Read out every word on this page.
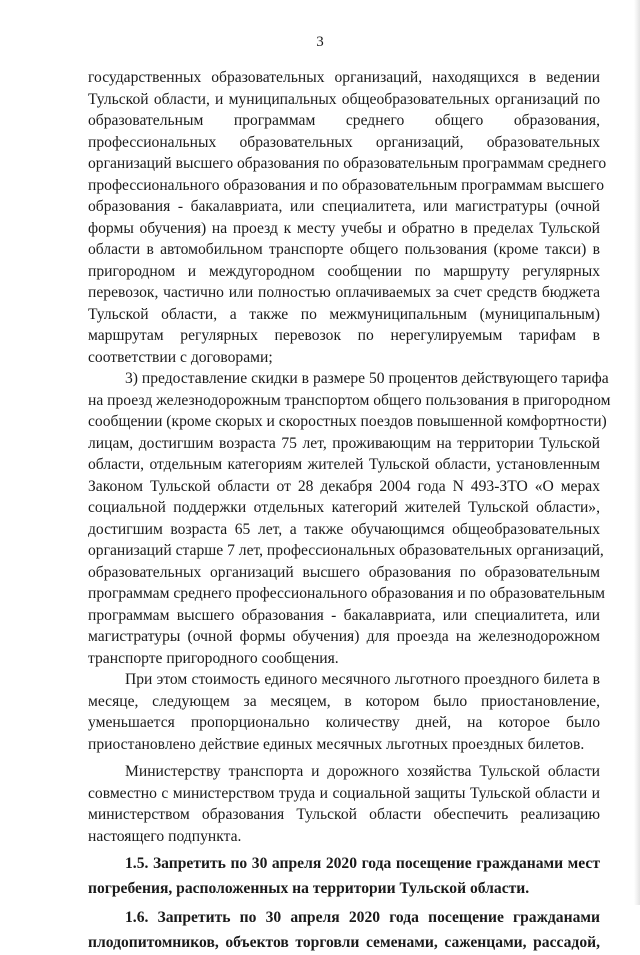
3
государственных образовательных организаций, находящихся в ведении
Тульской области, и муниципальных общеобразовательных организаций по
образовательным программам среднего общего образования,
профессиональных образовательных организаций, образовательных
организаций высшего образования по образовательным программам среднего
профессионального образования и по образовательным программам высшего
образования - бакалавриата, или специалитета, или магистратуры (очной
формы обучения) на проезд к месту учебы и обратно в пределах Тульской
области в автомобильном транспорте общего пользования (кроме такси) в
пригородном и междугородном сообщении по маршруту регулярных
перевозок, частично или полностью оплачиваемых за счет средств бюджета
Тульской области, а также по межмуниципальным (муниципальным)
маршрутам регулярных перевозок по нерегулируемым тарифам в
соответствии с договорами;
3) предоставление скидки в размере 50 процентов действующего тарифа
на проезд железнодорожным транспортом общего пользования в пригородном
сообщении (кроме скорых и скоростных поездов повышенной комфортности)
лицам, достигшим возраста 75 лет, проживающим на территории Тульской
области, отдельным категориям жителей Тульской области, установленным
Законом Тульской области от 28 декабря 2004 года N 493-ЗТО «О мерах
социальной поддержки отдельных категорий жителей Тульской области»,
достигшим возраста 65 лет, а также обучающимся общеобразовательных
организаций старше 7 лет, профессиональных образовательных организаций,
образовательных организаций высшего образования по образовательным
программам среднего профессионального образования и по образовательным
программам высшего образования - бакалавриата, или специалитета, или
магистратуры (очной формы обучения) для проезда на железнодорожном
транспорте пригородного сообщения.
При этом стоимость единого месячного льготного проездного билета в
месяце, следующем за месяцем, в котором было приостановление,
уменьшается пропорционально количеству дней, на которое было
приостановлено действие единых месячных льготных проездных билетов.
Министерству транспорта и дорожного хозяйства Тульской области
совместно с министерством труда и социальной защиты Тульской области и
министерством образования Тульской области обеспечить реализацию
настоящего подпункта.
1.5. Запретить по 30 апреля 2020 года посещение гражданами мест
погребения, расположенных на территории Тульской области.
1.6. Запретить по 30 апреля 2020 года посещение гражданами
плодопитомников, объектов торговли семенами, саженцами, рассадой,
